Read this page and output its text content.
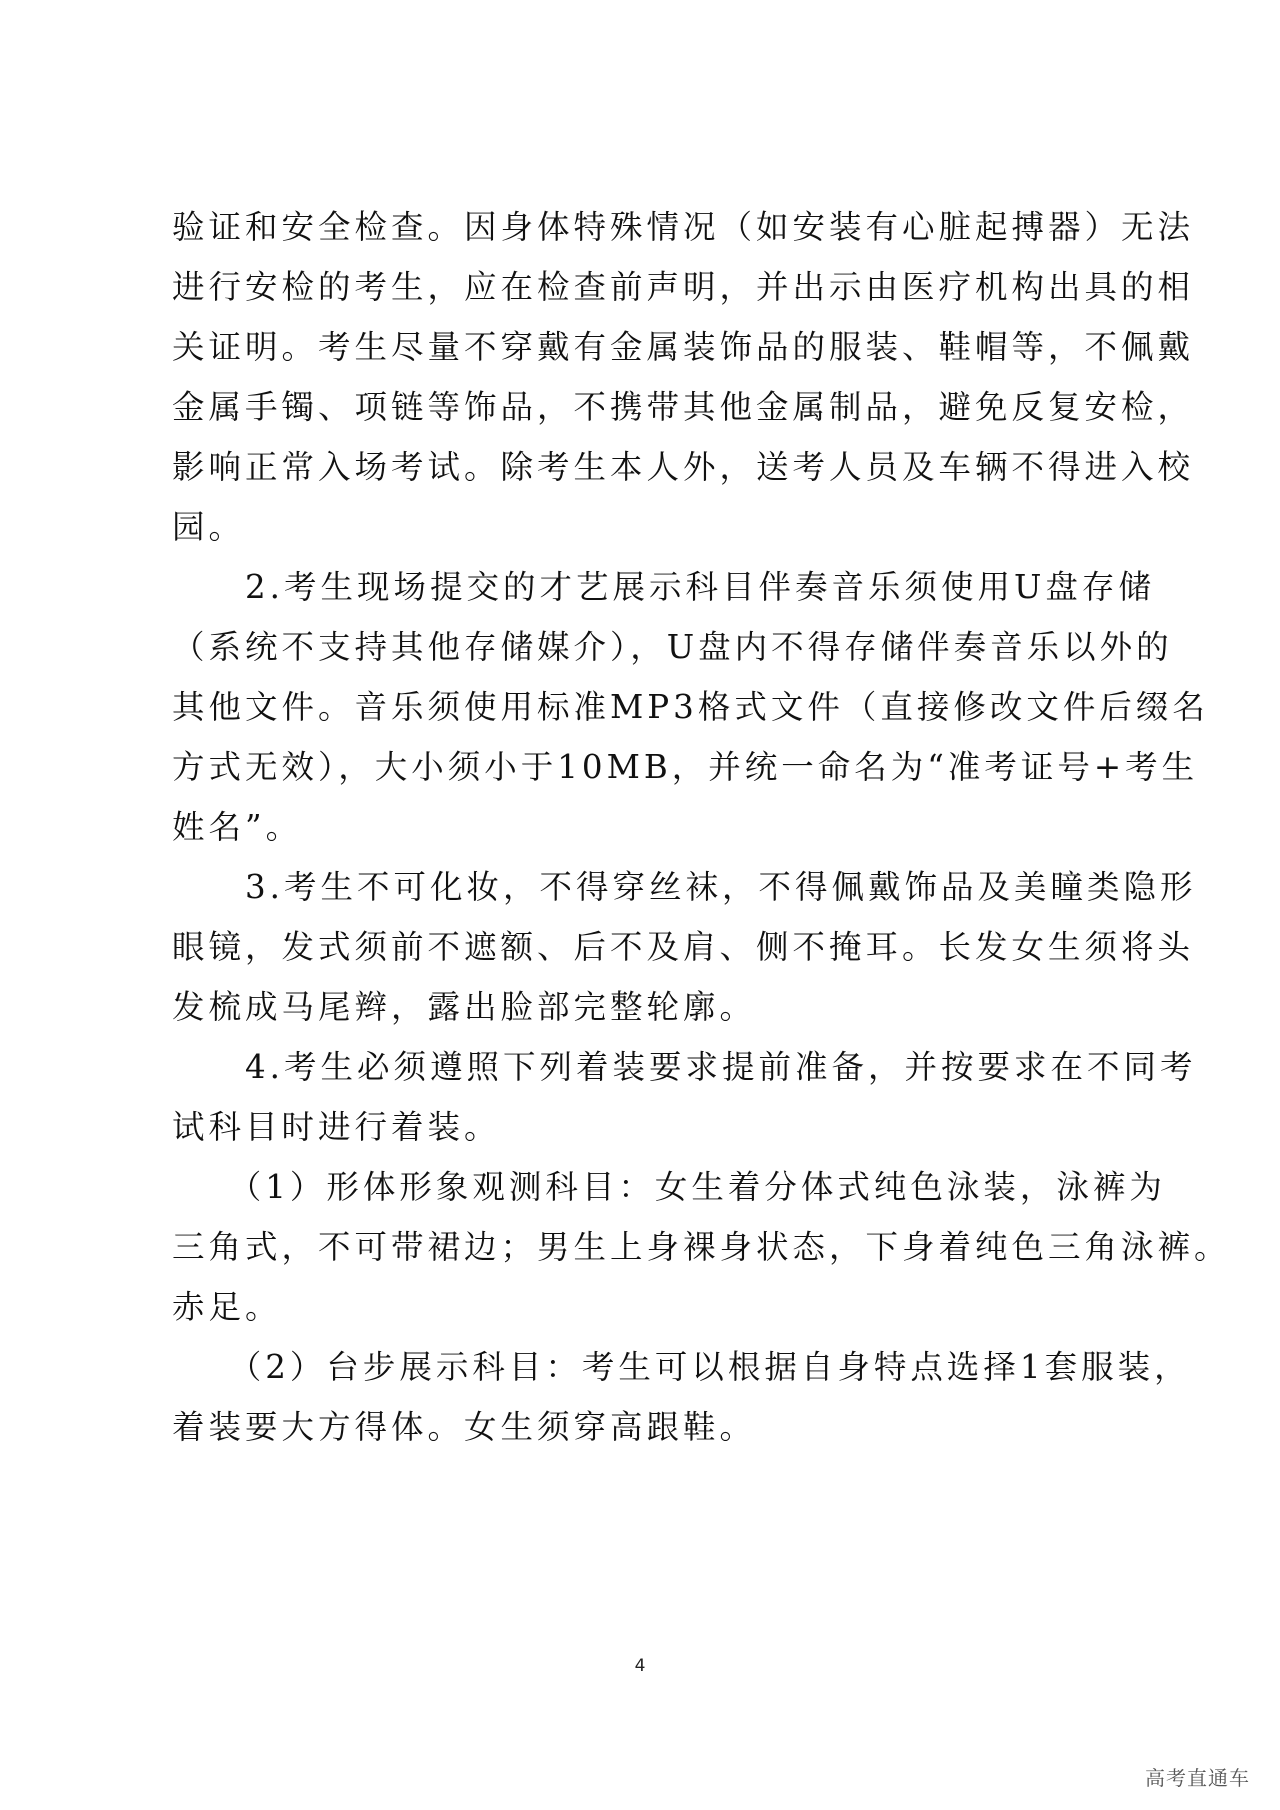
验证和安全检查。因身体特殊情况（如安装有心脏起搏器）无法
进行安检的考生，应在检查前声明，并出示由医疗机构出具的相
关证明。考生尽量不穿戴有金属装饰品的服装、鞋帽等，不佩戴
金属手镯、项链等饰品，不携带其他金属制品，避免反复安检，
影响正常入场考试。除考生本人外，送考人员及车辆不得进入校
园。
　　2.考生现场提交的才艺展示科目伴奏音乐须使用U盘存储
（系统不支持其他存储媒介），U盘内不得存储伴奏音乐以外的
其他文件。音乐须使用标准MP3格式文件（直接修改文件后缀名
方式无效），大小须小于10MB，并统一命名为“准考证号+考生
姓名”。
　　3.考生不可化妆，不得穿丝袜，不得佩戴饰品及美瞳类隐形
眼镜，发式须前不遮额、后不及肩、侧不掩耳。长发女生须将头
发梳成马尾辫，露出脸部完整轮廓。
　　4.考生必须遵照下列着装要求提前准备，并按要求在不同考
试科目时进行着装。
　　（1）形体形象观测科目：女生着分体式纯色泳装，泳裤为
三角式，不可带裙边；男生上身裸身状态，下身着纯色三角泳裤。
赤足。
　　（2）台步展示科目：考生可以根据自身特点选择1套服装，
着装要大方得体。女生须穿高跟鞋。
4
高考直通车
